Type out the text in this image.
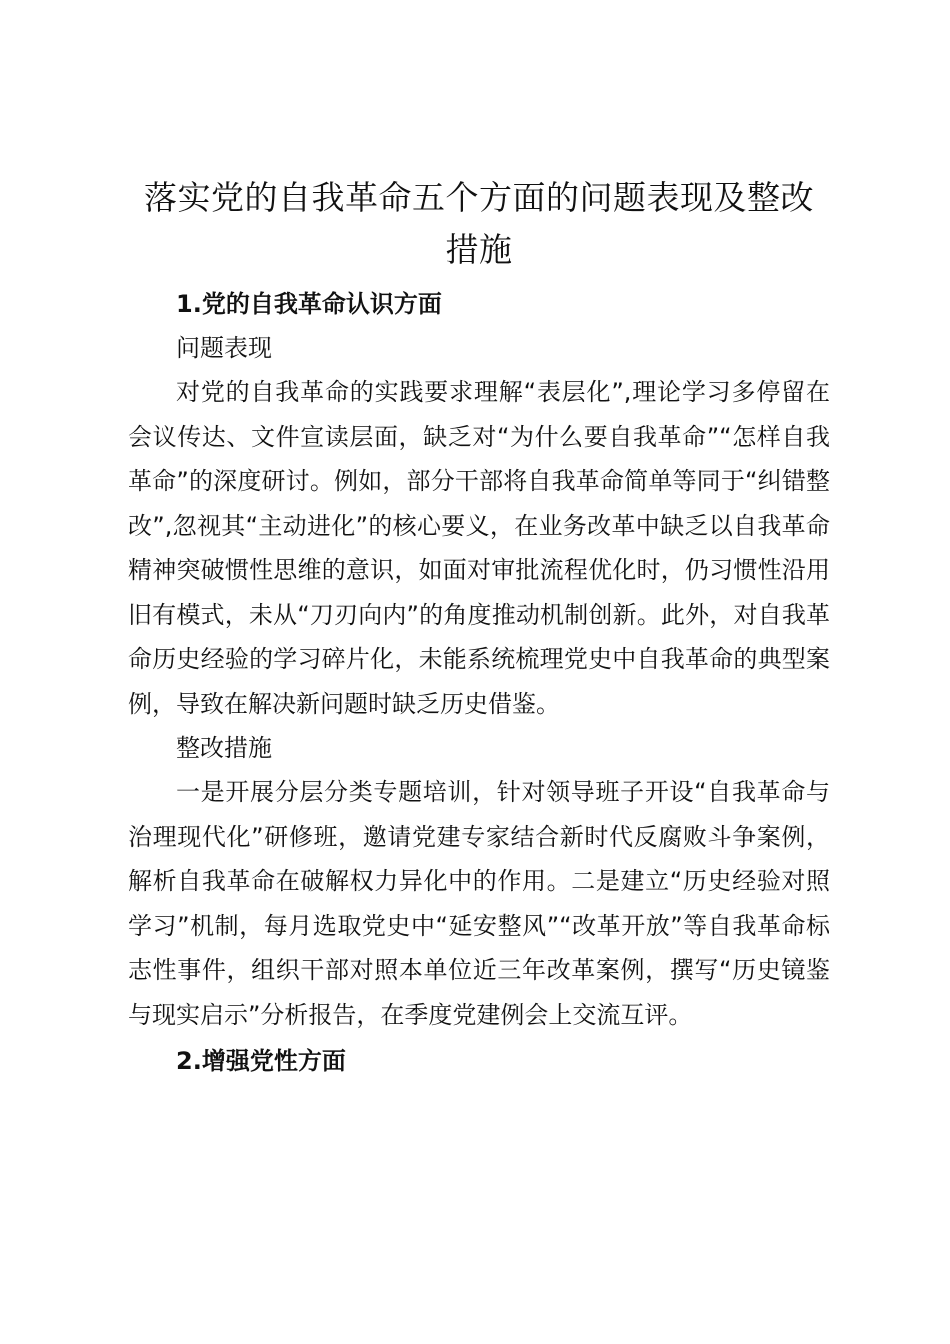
落实党的自我革命五个方面的问题表现及整改措施

1.党的自我革命认识方面

问题表现

对党的自我革命的实践要求理解“表层化”,理论学习多停留在会议传达、文件宣读层面，缺乏对“为什么要自我革命”“怎样自我革命”的深度研讨。例如，部分干部将自我革命简单等同于“纠错整改”,忽视其“主动进化”的核心要义，在业务改革中缺乏以自我革命精神突破惯性思维的意识，如面对审批流程优化时，仍习惯性沿用旧有模式，未从“刀刃向内”的角度推动机制创新。此外，对自我革命历史经验的学习碎片化，未能系统梳理党史中自我革命的典型案例，导致在解决新问题时缺乏历史借鉴。

整改措施

一是开展分层分类专题培训，针对领导班子开设“自我革命与治理现代化”研修班，邀请党建专家结合新时代反腐败斗争案例，解析自我革命在破解权力异化中的作用。二是建立“历史经验对照学习”机制，每月选取党史中“延安整风”“改革开放”等自我革命标志性事件，组织干部对照本单位近三年改革案例，撰写“历史镜鉴与现实启示”分析报告，在季度党建例会上交流互评。

2.增强党性方面
